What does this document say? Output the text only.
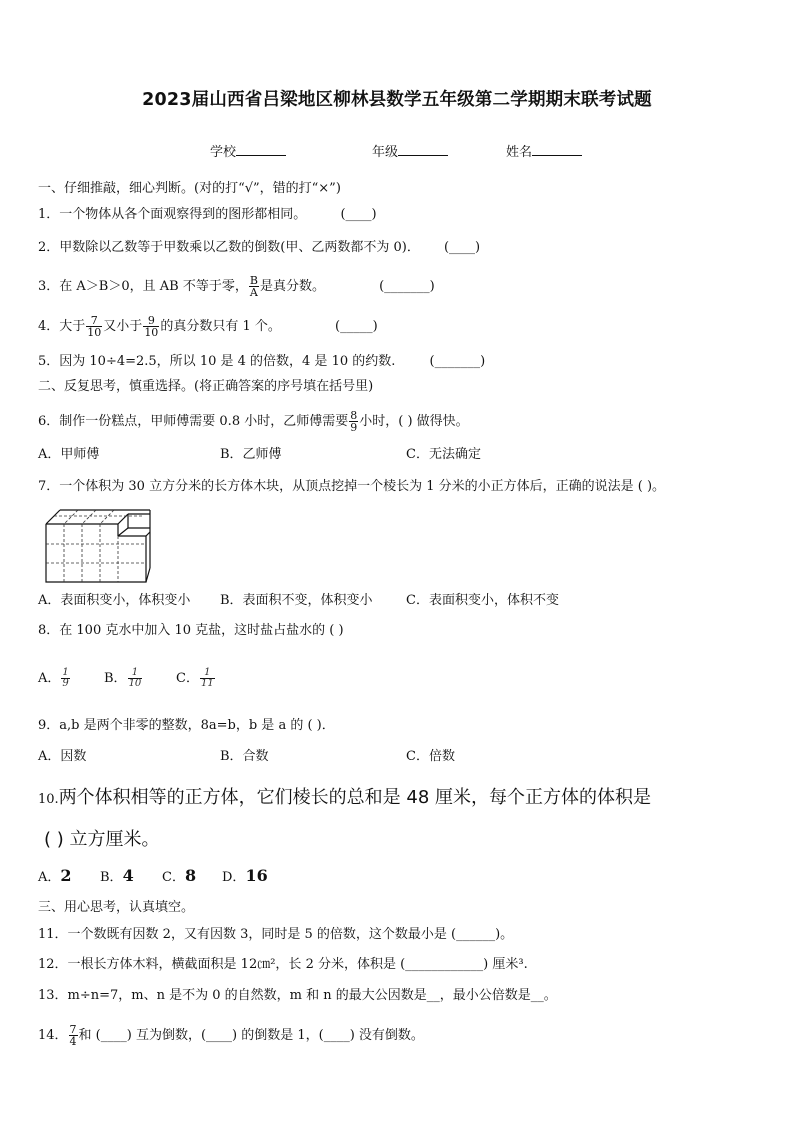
2023届山西省吕梁地区柳林县数学五年级第二学期期末联考试题
学校	年级	姓名
一、仔细推敲，细心判断。(对的打“√”，错的打“×”)
1．一个物体从各个面观察得到的图形都相同。	(____)
2．甲数除以乙数等于甲数乘以乙数的倒数(甲、乙两数都不为 0)． (____)
3．在 A＞B＞0，且 AB 不等于零， $\frac{B}{A}$ 是真分数。	(_______)
4．大于 $\frac{7}{10}$ 又小于 $\frac{9}{10}$ 的真分数只有 1 个。	(_____)
5．因为 10÷4=2.5，所以 10 是 4 的倍数，4 是 10 的约数.	(_______)
二、反复思考，慎重选择。(将正确答案的序号填在括号里)
6．制作一份糕点，甲师傅需要 0.8 小时，乙师傅需要 $\frac{8}{9}$ 小时，( ) 做得快。
A．甲师傅	B．乙师傅	C．无法确定
7．一个体积为 30 立方分米的长方体木块，从顶点挖掉一个棱长为 1 分米的小正方体后，正确的说法是 ( )。
A．表面积变小，体积变小 B．表面积不变，体积变小	C．表面积变小，体积不变
8．在 100 克水中加入 10 克盐，这时盐占盐水的 ( )
A． $\frac{1}{9}$	B． $\frac{1}{10}$	C． $\frac{1}{11}$
9．a,b 是两个非零的整数，8a=b，b 是 a 的 ( )．
A．因数	B．合数	C．倍数
10.两个体积相等的正方体，它们棱长的总和是 48 厘米，每个正方体的体积是
( ) 立方厘米。
A．2 B．4 C．8 D．16
三、用心思考，认真填空。
11．一个数既有因数 2，又有因数 3，同时是 5 的倍数，这个数最小是 (______)。
12．一根长方体木料，横截面积是 12㎝²，长 2 分米，体积是 (____________) 厘米³.
13．m÷n=7，m、n 是不为 0 的自然数，m 和 n 的最大公因数是__，最小公倍数是__。
14． $\frac{7}{4}$ 和 (____) 互为倒数，(____) 的倒数是 1，(____) 没有倒数。
